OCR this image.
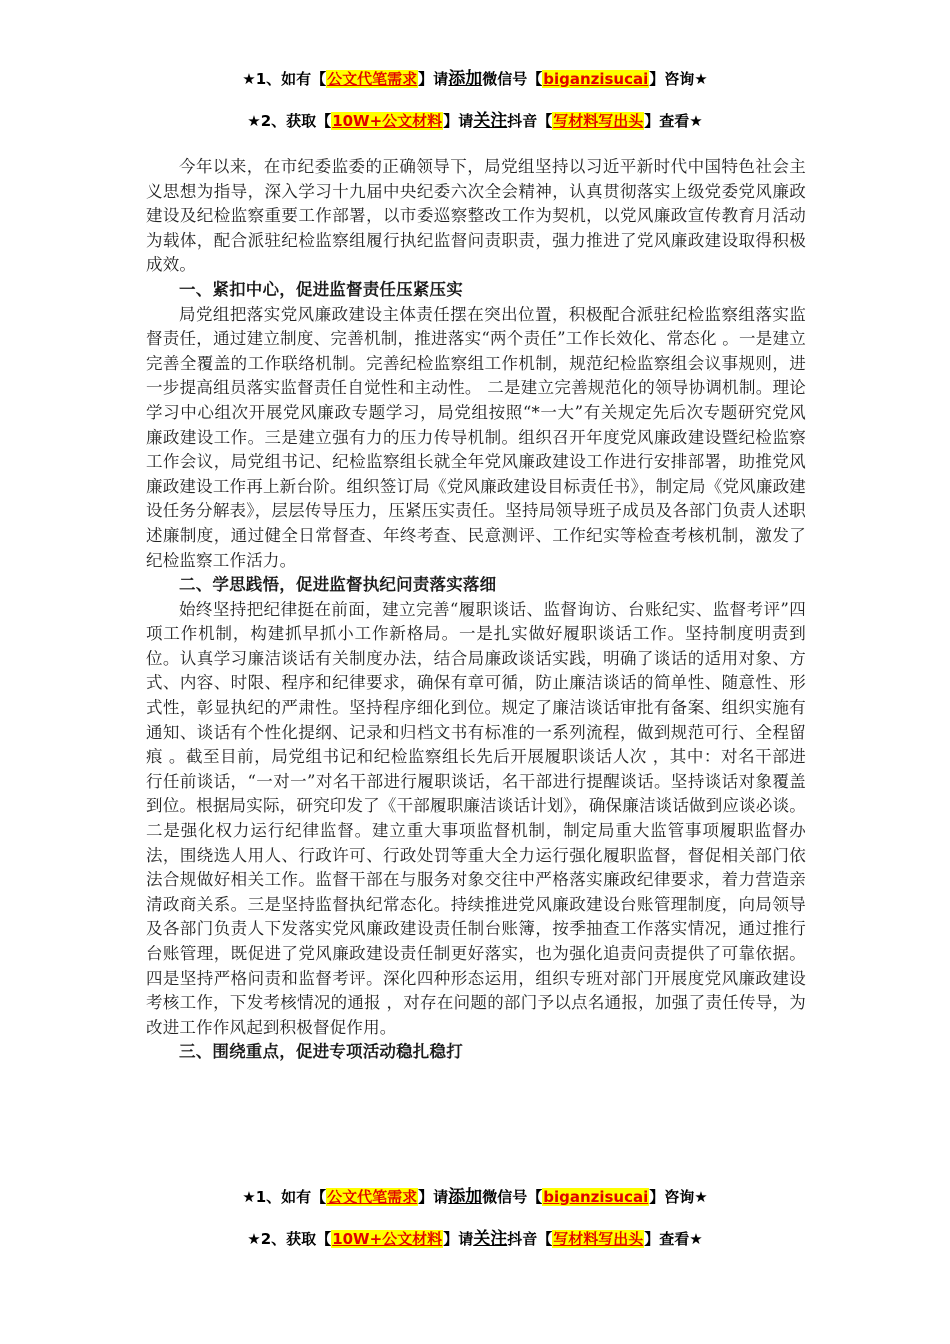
★1、如有【公文代笔需求】请添加微信号【biganzisucai】咨询★
★2、获取【10W+公文材料】请关注抖音【写材料写出头】查看★

今年以来，在市纪委监委的正确领导下，局党组坚持以习近平新时代中国特色社会主义思想为指导，深入学习十九届中央纪委六次全会精神，认真贯彻落实上级党委党风廉政建设及纪检监察重要工作部署，以市委巡察整改工作为契机，以党风廉政宣传教育月活动为载体，配合派驻纪检监察组履行执纪监督问责职责，强力推进了党风廉政建设取得积极成效。

一、紧扣中心，促进监督责任压紧压实

局党组把落实党风廉政建设主体责任摆在突出位置，积极配合派驻纪检监察组落实监督责任，通过建立制度、完善机制，推进落实“两个责任”工作长效化、常态化 。一是建立完善全覆盖的工作联络机制。完善纪检监察组工作机制，规范纪检监察组会议事规则，进一步提高组员落实监督责任自觉性和主动性。 二是建立完善规范化的领导协调机制。理论学习中心组次开展党风廉政专题学习，局党组按照“*一大”有关规定先后次专题研究党风廉政建设工作。三是建立强有力的压力传导机制。组织召开年度党风廉政建设暨纪检监察工作会议，局党组书记、纪检监察组长就全年党风廉政建设工作进行安排部署，助推党风廉政建设工作再上新台阶。组织签订局《党风廉政建设目标责任书》，制定局《党风廉政建设任务分解表》，层层传导压力，压紧压实责任。坚持局领导班子成员及各部门负责人述职述廉制度，通过健全日常督查、年终考查、民意测评、工作纪实等检查考核机制，激发了纪检监察工作活力。

二、学思践悟，促进监督执纪问责落实落细

始终坚持把纪律挺在前面，建立完善“履职谈话、监督询访、台账纪实、监督考评”四项工作机制，构建抓早抓小工作新格局。一是扎实做好履职谈话工作。坚持制度明责到位。认真学习廉洁谈话有关制度办法，结合局廉政谈话实践，明确了谈话的适用对象、方式、内容、时限、程序和纪律要求，确保有章可循，防止廉洁谈话的简单性、随意性、形式性，彰显执纪的严肃性。坚持程序细化到位。规定了廉洁谈话审批有备案、组织实施有通知、谈话有个性化提纲、记录和归档文书有标准的一系列流程，做到规范可行、全程留痕 。截至目前，局党组书记和纪检监察组长先后开展履职谈话人次 ，其中：对名干部进行任前谈话，“一对一”对名干部进行履职谈话，名干部进行提醒谈话。坚持谈话对象覆盖到位。根据局实际，研究印发了《干部履职廉洁谈话计划》，确保廉洁谈话做到应谈必谈。二是强化权力运行纪律监督。建立重大事项监督机制，制定局重大监管事项履职监督办法，围绕选人用人、行政许可、行政处罚等重大全力运行强化履职监督，督促相关部门依法合规做好相关工作。监督干部在与服务对象交往中严格落实廉政纪律要求，着力营造亲清政商关系。三是坚持监督执纪常态化。持续推进党风廉政建设台账管理制度，向局领导及各部门负责人下发落实党风廉政建设责任制台账簿，按季抽查工作落实情况，通过推行台账管理，既促进了党风廉政建设责任制更好落实，也为强化追责问责提供了可靠依据。四是坚持严格问责和监督考评。深化四种形态运用，组织专班对部门开展度党风廉政建设考核工作，下发考核情况的通报 ，对存在问题的部门予以点名通报，加强了责任传导，为改进工作作风起到积极督促作用。

三、围绕重点，促进专项活动稳扎稳打
★1、如有【公文代笔需求】请添加微信号【biganzisucai】咨询★
★2、获取【10W+公文材料】请关注抖音【写材料写出头】查看★
